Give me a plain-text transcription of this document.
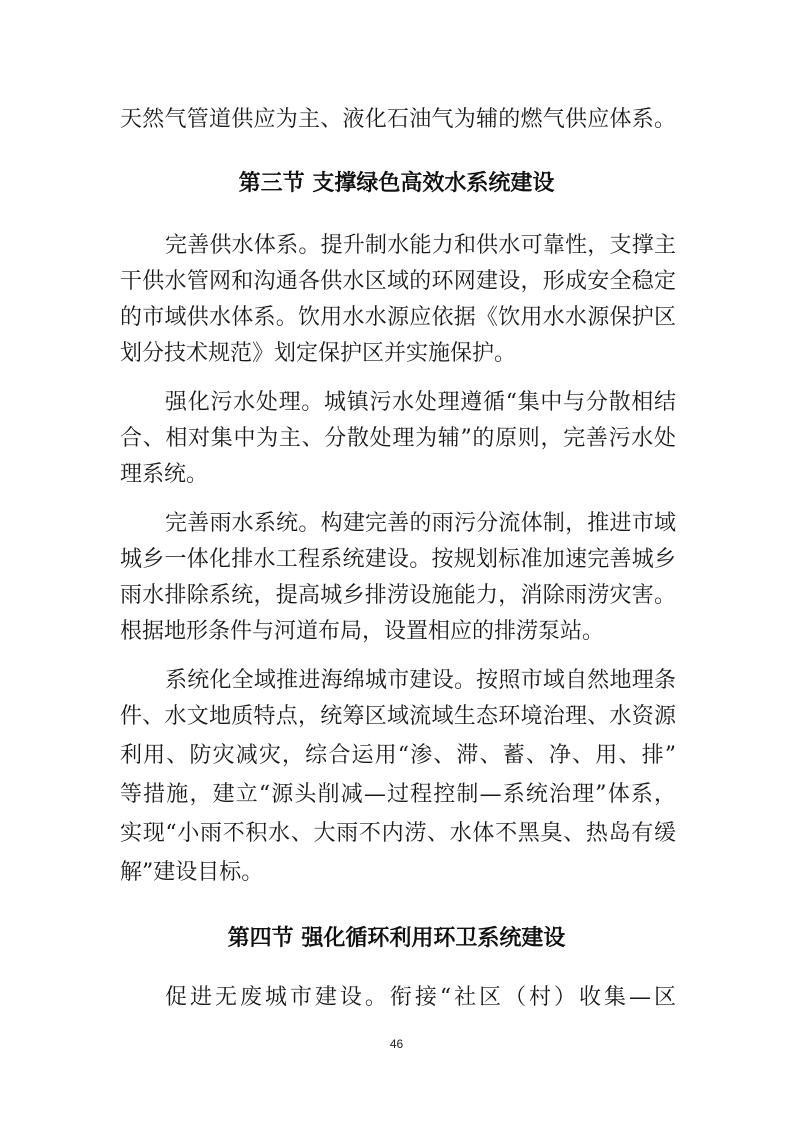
天然气管道供应为主、液化石油气为辅的燃气供应体系。
第三节 支撑绿色高效水系统建设
完善供水体系。提升制水能力和供水可靠性，支撑主
干供水管网和沟通各供水区域的环网建设，形成安全稳定
的市域供水体系。饮用水水源应依据《饮用水水源保护区
划分技术规范》划定保护区并实施保护。
强化污水处理。城镇污水处理遵循“集中与分散相结
合、相对集中为主、分散处理为辅”的原则，完善污水处
理系统。
完善雨水系统。构建完善的雨污分流体制，推进市域
城乡一体化排水工程系统建设。按规划标准加速完善城乡
雨水排除系统，提高城乡排涝设施能力，消除雨涝灾害。
根据地形条件与河道布局，设置相应的排涝泵站。
系统化全域推进海绵城市建设。按照市域自然地理条
件、水文地质特点，统筹区域流域生态环境治理、水资源
利用、防灾减灾，综合运用“渗、滞、蓄、净、用、排”
等措施，建立“源头削减—过程控制—系统治理”体系，
实现“小雨不积水、大雨不内涝、水体不黑臭、热岛有缓
解”建设目标。
第四节 强化循环利用环卫系统建设
促进无废城市建设。衔接“社区（村）收集—区
46
